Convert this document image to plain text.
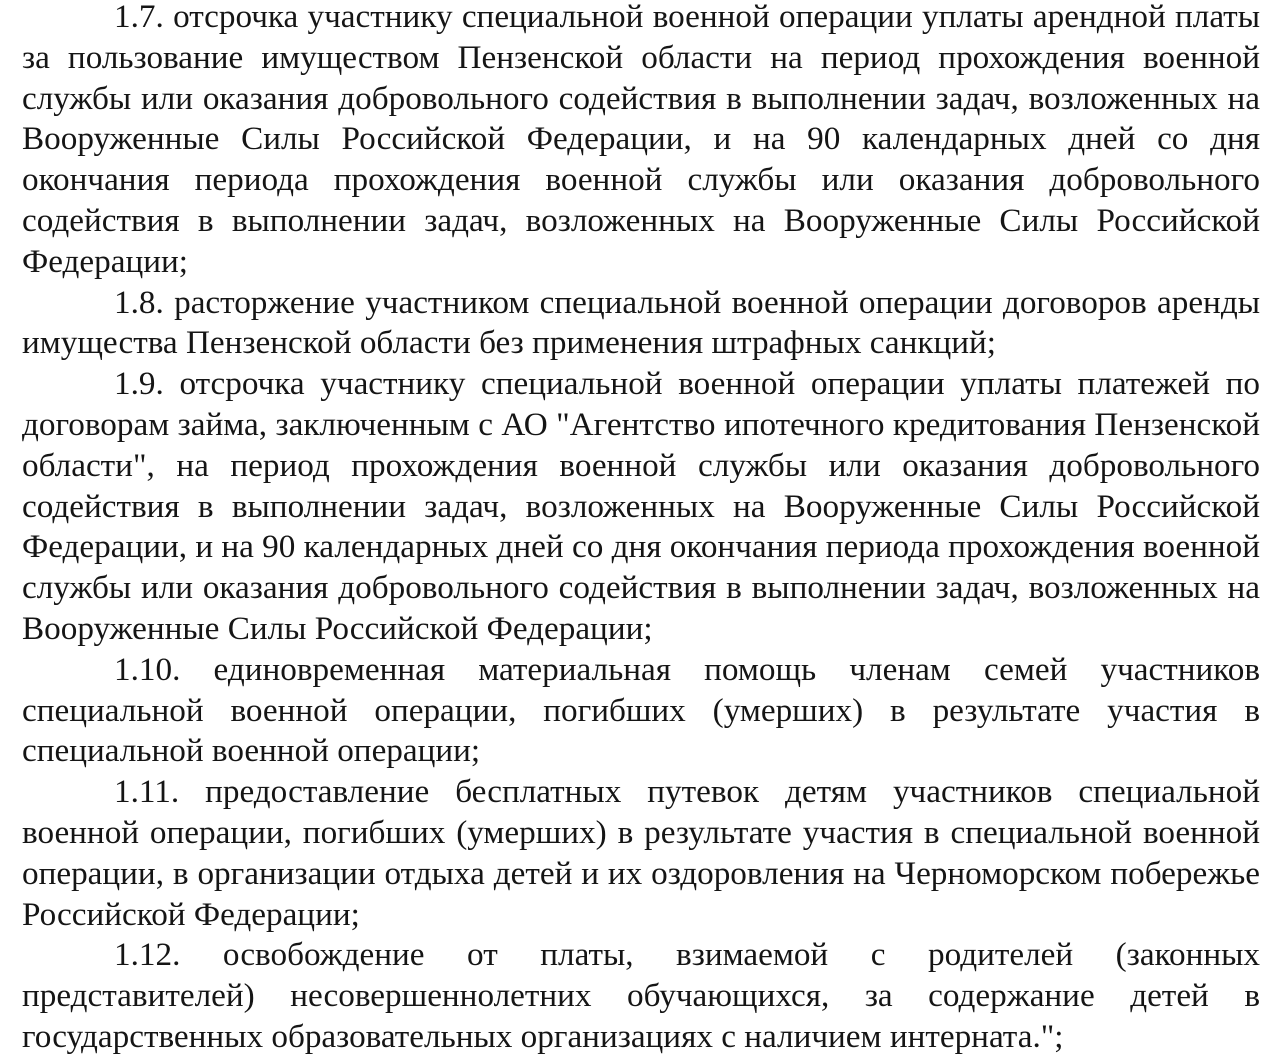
1.7. отсрочка участнику специальной военной операции уплаты арендной платы за пользование имуществом Пензенской области на период прохождения военной службы или оказания добровольного содействия в выполнении задач, возложенных на Вооруженные Силы Российской Федерации, и на 90 календарных дней со дня окончания периода прохождения военной службы или оказания добровольного содействия в выполнении задач, возложенных на Вооруженные Силы Российской Федерации;

1.8. расторжение участником специальной военной операции договоров аренды имущества Пензенской области без применения штрафных санкций;

1.9. отсрочка участнику специальной военной операции уплаты платежей по договорам займа, заключенным с АО "Агентство ипотечного кредитования Пензенской области", на период прохождения военной службы или оказания добровольного содействия в выполнении задач, возложенных на Вооруженные Силы Российской Федерации, и на 90 календарных дней со дня окончания периода прохождения военной службы или оказания добровольного содействия в выполнении задач, возложенных на Вооруженные Силы Российской Федерации;

1.10. единовременная материальная помощь членам семей участников специальной военной операции, погибших (умерших) в результате участия в специальной военной операции;

1.11. предоставление бесплатных путевок детям участников специальной военной операции, погибших (умерших) в результате участия в специальной военной операции, в организации отдыха детей и их оздоровления на Черноморском побережье Российской Федерации;

1.12. освобождение от платы, взимаемой с родителей (законных представителей) несовершеннолетних обучающихся, за содержание детей в государственных образовательных организациях с наличием интерната.";
